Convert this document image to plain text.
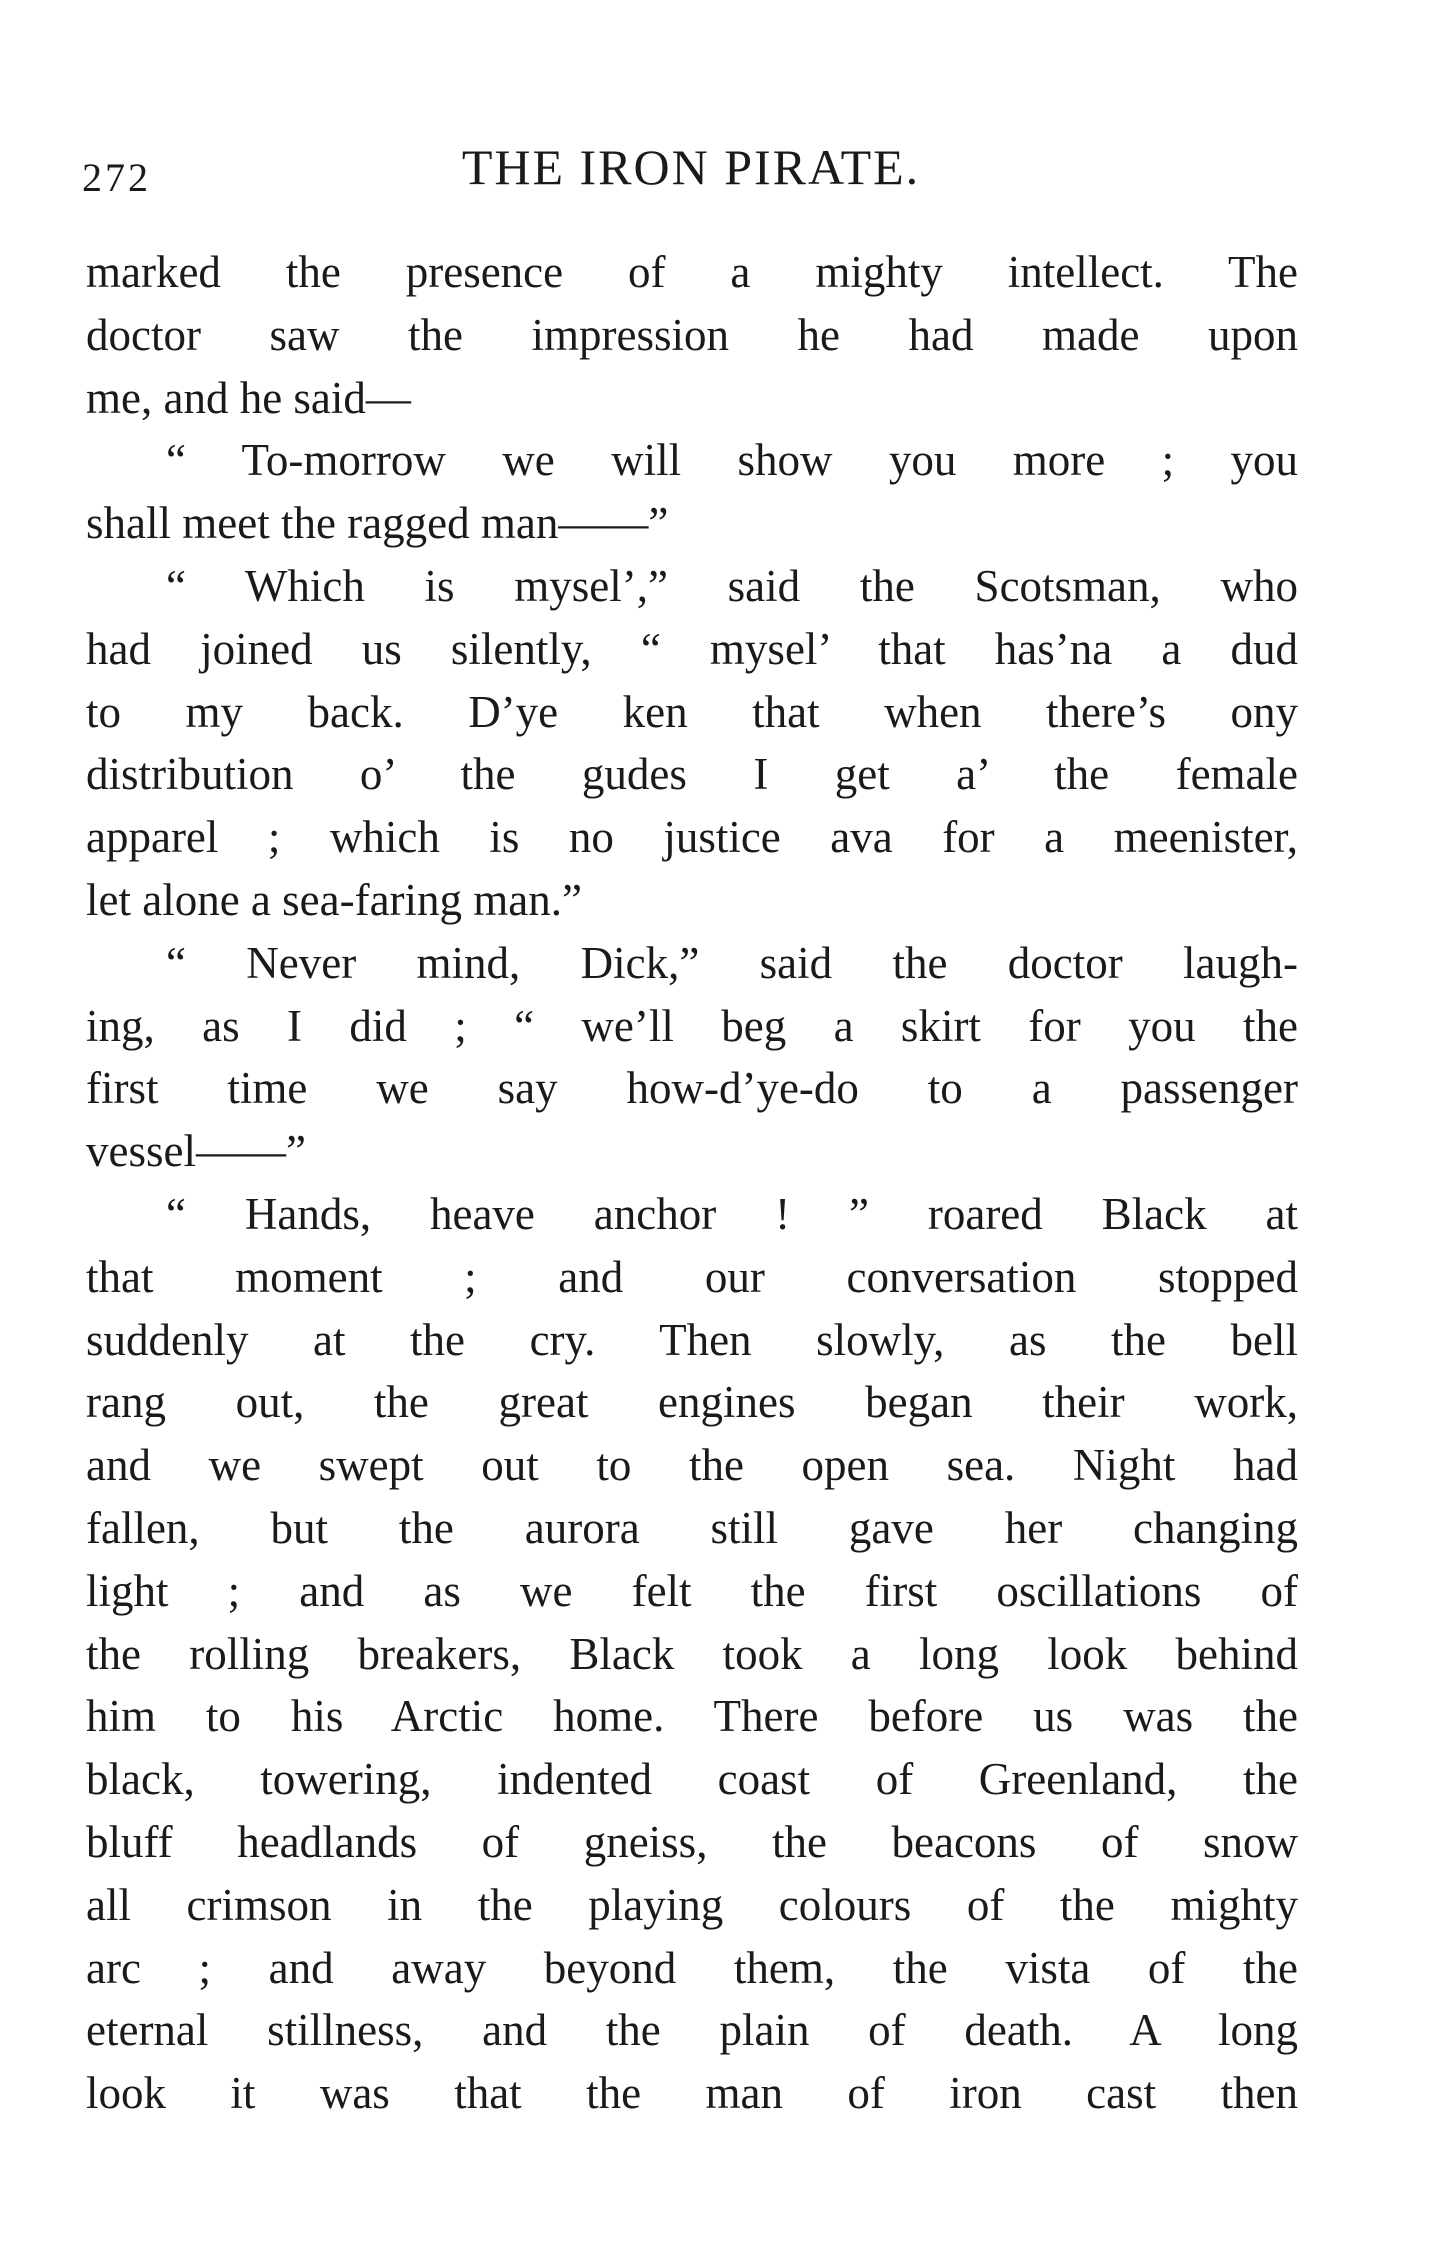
272	THE IRON PIRATE.
marked the presence of a mighty intellect. The
doctor saw the impression he had made upon
me, and he said—
“ To-morrow we will show you more ; you
shall meet the ragged man——”
“ Which is mysel’,” said the Scotsman, who
had joined us silently, “ mysel’ that has’na a dud
to my back. D’ye ken that when there’s ony
distribution o’ the gudes I get a’ the female
apparel ; which is no justice ava for a meenister,
let alone a sea-faring man.”
“ Never mind, Dick,” said the doctor laugh-
ing, as I did ; “ we’ll beg a skirt for you the
first time we say how-d’ye-do to a passenger
vessel——”
“ Hands, heave anchor ! ” roared Black at
that moment ; and our conversation stopped
suddenly at the cry. Then slowly, as the bell
rang out, the great engines began their work,
and we swept out to the open sea. Night had
fallen, but the aurora still gave her changing
light ; and as we felt the first oscillations of
the rolling breakers, Black took a long look behind
him to his Arctic home. There before us was the
black, towering, indented coast of Greenland, the
bluff headlands of gneiss, the beacons of snow
all crimson in the playing colours of the mighty
arc ; and away beyond them, the vista of the
eternal stillness, and the plain of death. A long
look it was that the man of iron cast then
